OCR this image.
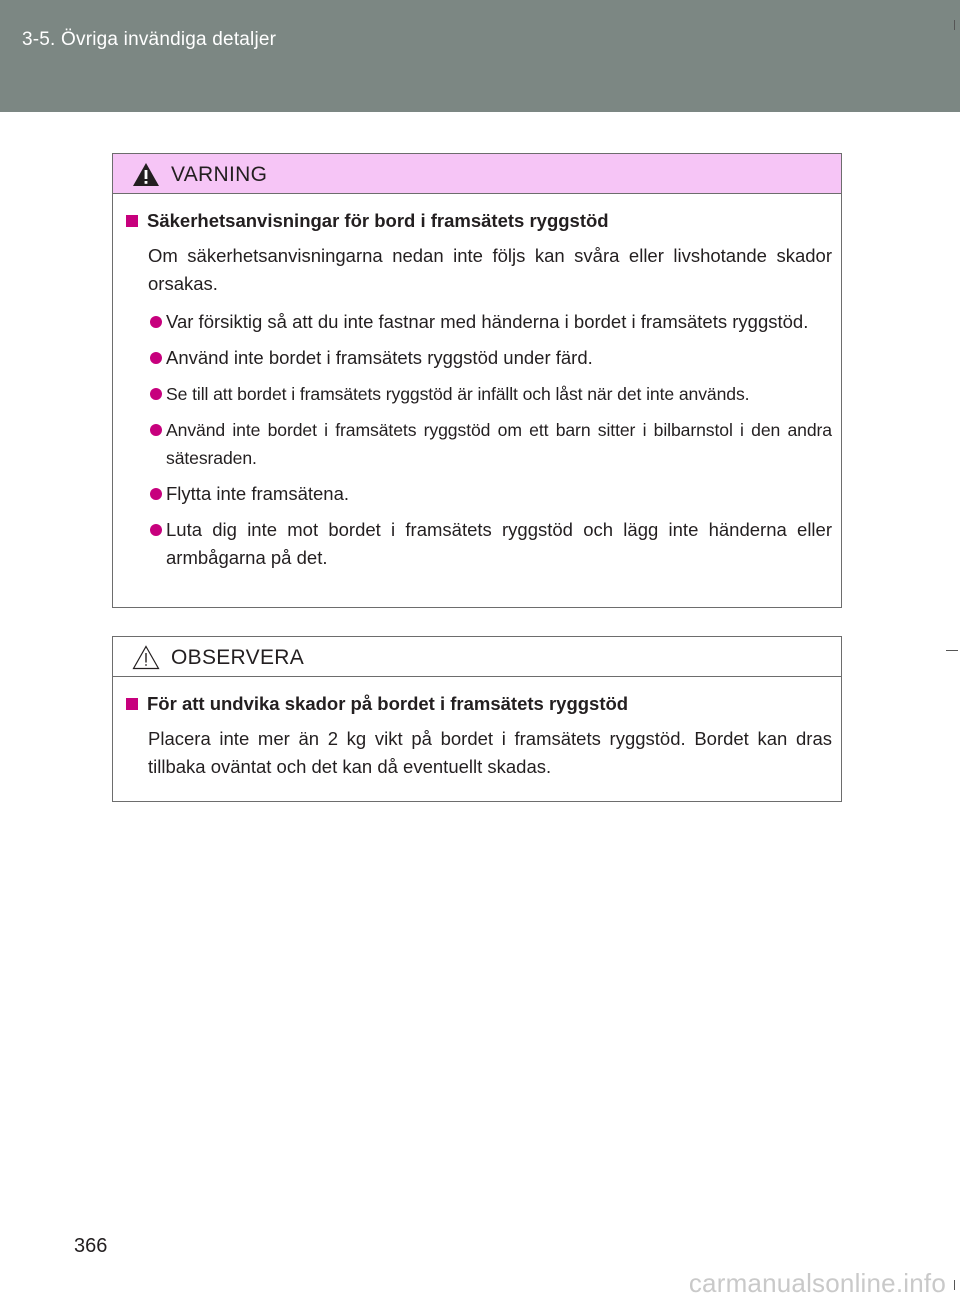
3-5. Övriga invändiga detaljer
VARNING
Säkerhetsanvisningar för bord i framsätets ryggstöd
Om säkerhetsanvisningarna nedan inte följs kan svåra eller livshotande skador orsakas.
Var försiktig så att du inte fastnar med händerna i bordet i framsätets ryggstöd.
Använd inte bordet i framsätets ryggstöd under färd.
Se till att bordet i framsätets ryggstöd är infällt och låst när det inte används.
Använd inte bordet i framsätets ryggstöd om ett barn sitter i bilbarnstol i den andra sätesraden.
Flytta inte framsätena.
Luta dig inte mot bordet i framsätets ryggstöd och lägg inte händerna eller armbågarna på det.
OBSERVERA
För att undvika skador på bordet i framsätets ryggstöd
Placera inte mer än 2 kg vikt på bordet i framsätets ryggstöd. Bordet kan dras tillbaka oväntat och det kan då eventuellt skadas.
366
carmanualsonline.info
